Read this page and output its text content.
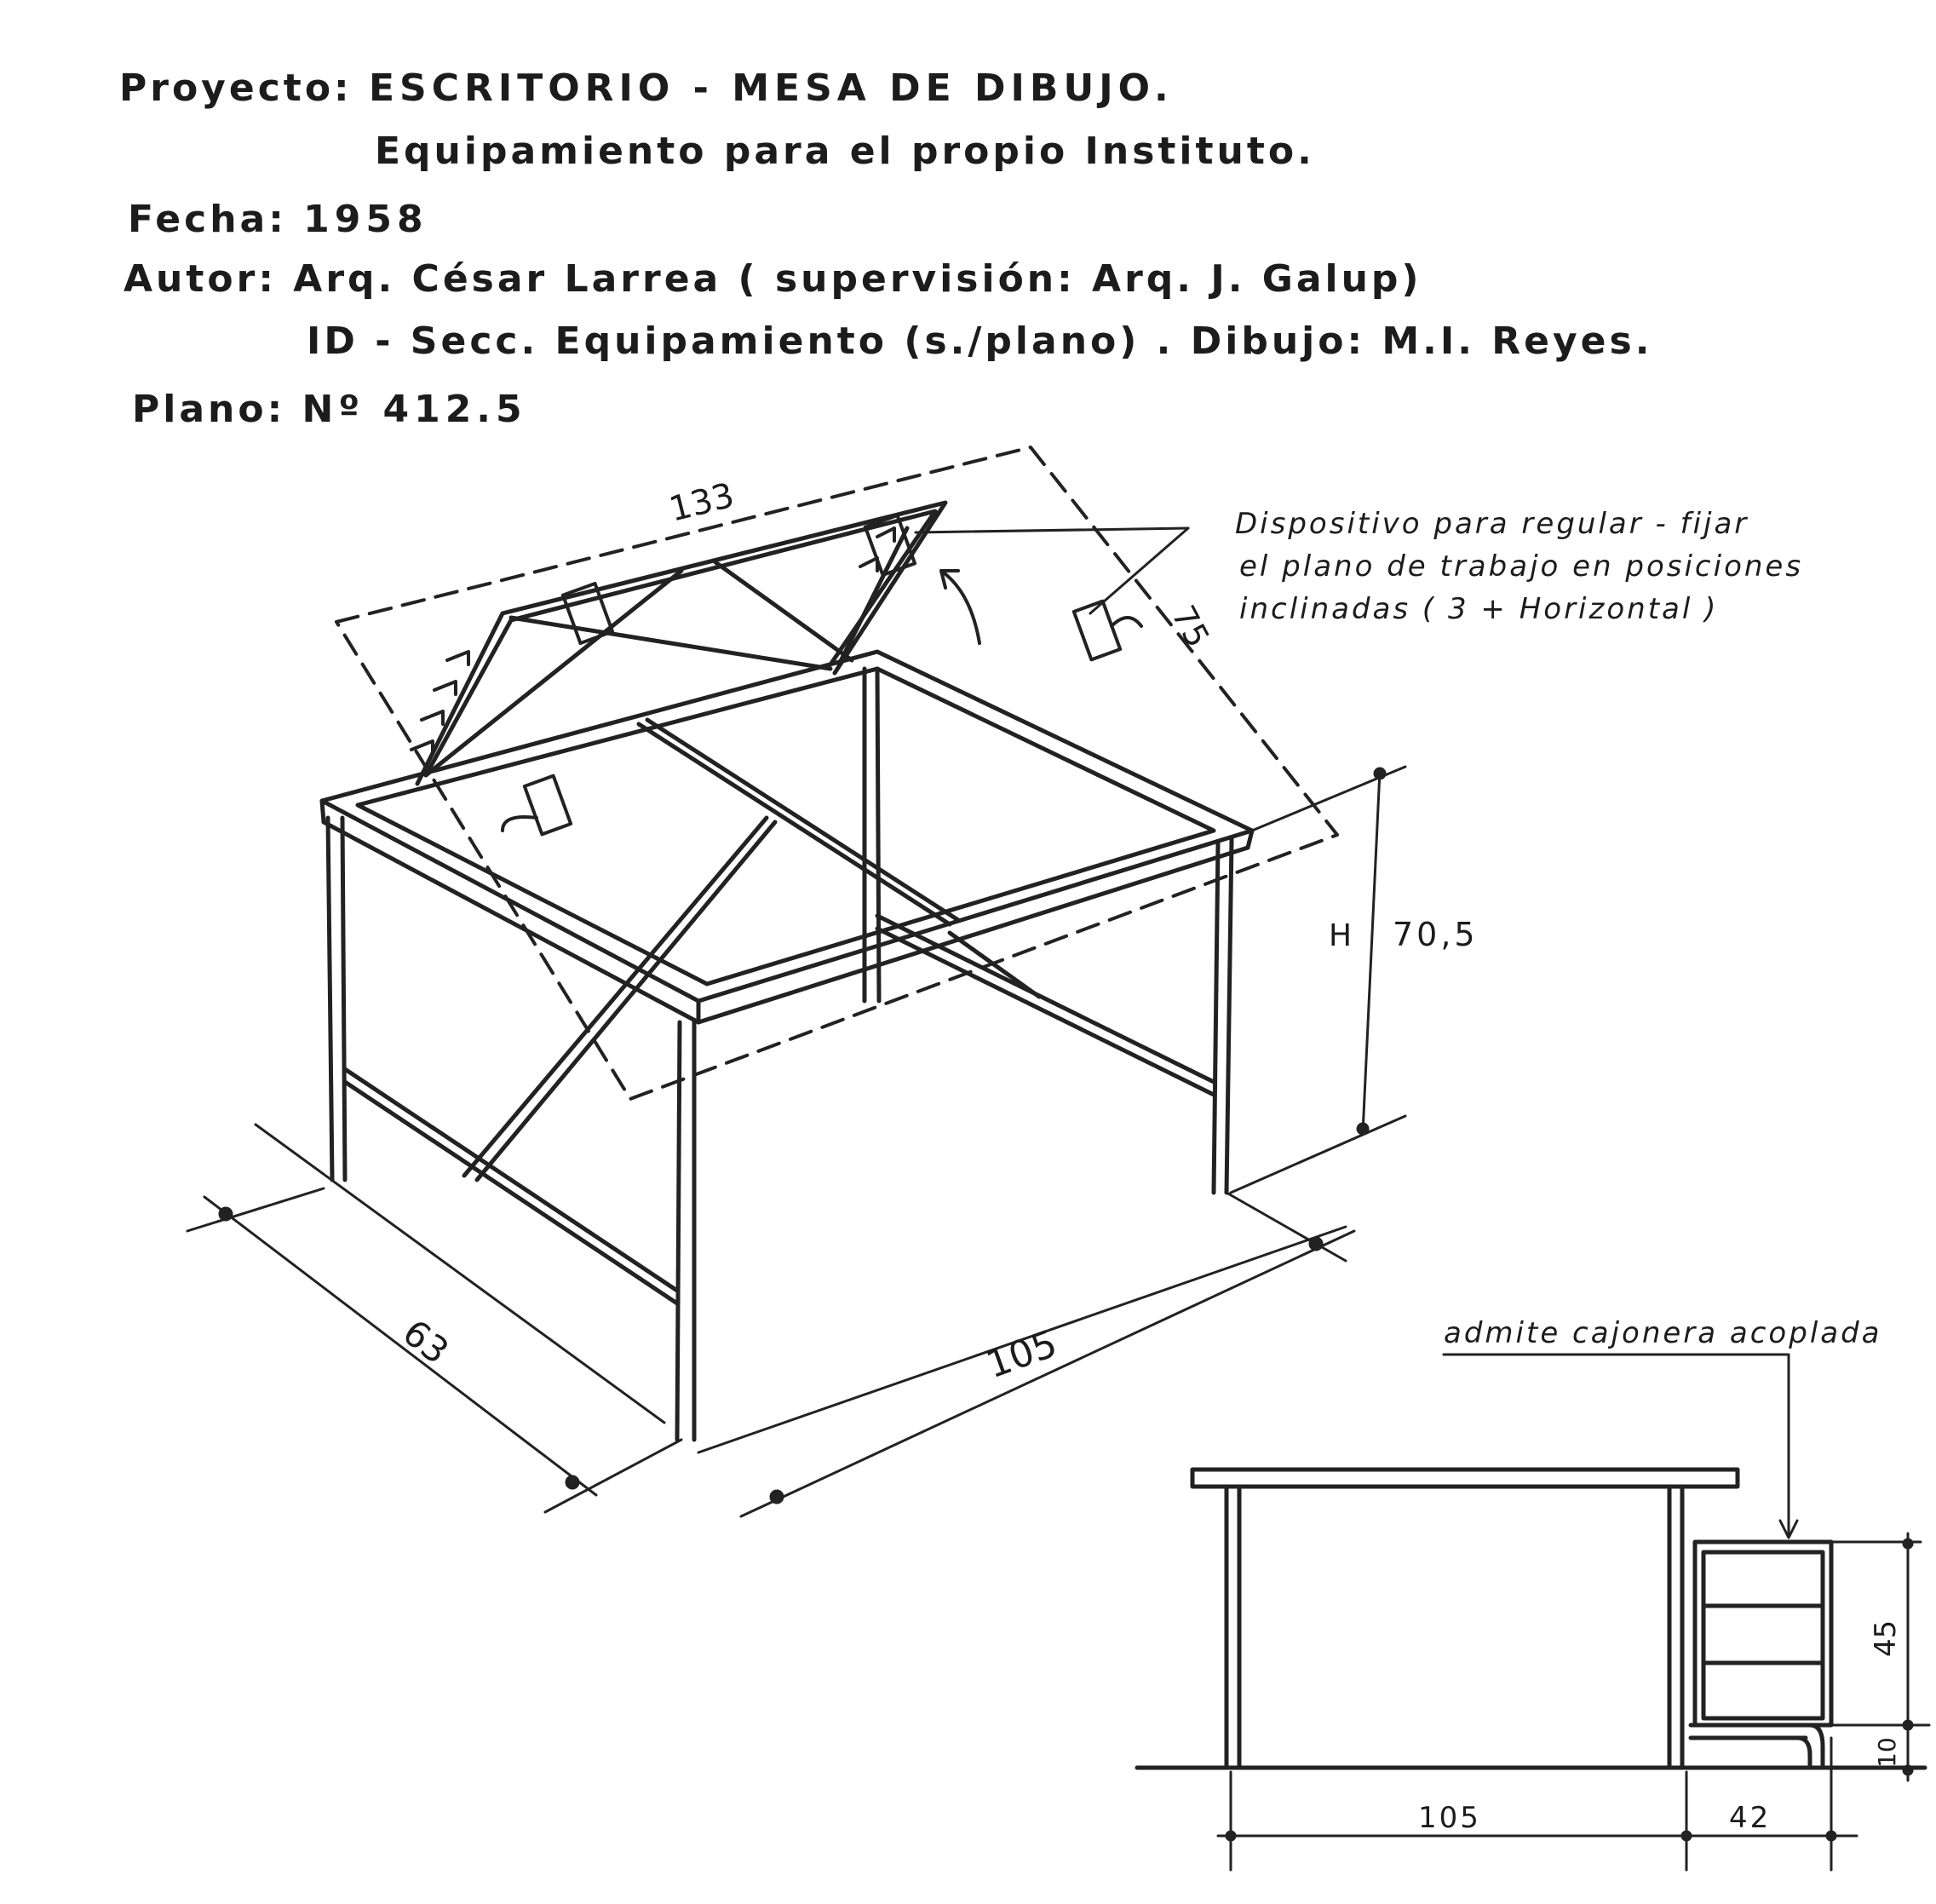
Proyecto: ESCRITORIO - MESA DE DIBUJO.
Equipamiento para el propio Instituto.
Fecha: 1958
Autor: Arq. César Larrea ( supervisión: Arq. J. Galup)
ID - Secc. Equipamiento (s./plano) . Dibujo: M.I. Reyes.
Plano: Nº 412.5
Dispositivo para regular - fijar
el plano de trabajo en posiciones
inclinadas ( 3 + Horizontal )
admite cajonera acoplada
133
75
H 70,5
63	105
105	42
45
10
